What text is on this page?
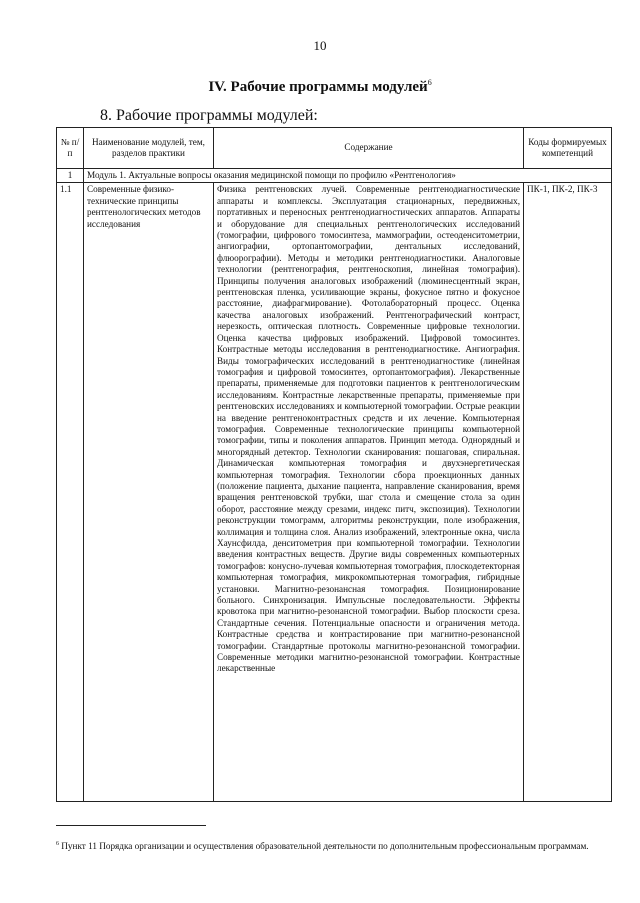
10
IV. Рабочие программы модулей$^6$
8. Рабочие программы модулей:
№ п/п	Наименование модулей, тем, разделов практики	Содержание	Коды формируемых компетенций
1	Модуль 1. Актуальные вопросы оказания медицинской помощи по профилю «Рентгенология»		
1.1	Современные физико-технические принципы рентгенологических методов исследования	Физика рентгеновских лучей. Современные рентгенодиагностические аппараты и комплексы. Эксплуатация стационарных, передвижных, портативных и переносных рентгенодиагностических аппаратов. Аппараты и оборудование для специальных рентгенологических исследований (томографии, цифрового томосинтеза, маммографии, остеоденситометрии, ангиографии, ортопантомографии, дентальных исследований, флюорографии). Методы и методики рентгенодиагностики. Аналоговые технологии (рентгенография, рентгеноскопия, линейная томография). Принципы получения аналоговых изображений (люминесцентный экран, рентгеновская пленка, усиливающие экраны, фокусное пятно и фокусное расстояние, диафрагмирование). Фотолабораторный процесс. Оценка качества аналоговых изображений. Рентгенографический контраст, нерезкость, оптическая плотность. Современные цифровые технологии. Оценка качества цифровых изображений. Цифровой томосинтез. Контрастные методы исследования в рентгенодиагностике. Ангиография. Виды томографических исследований в рентгенодиагностике (линейная томография и цифровой томосинтез, ортопантомография). Лекарственные препараты, применяемые для подготовки пациентов к рентгенологическим исследованиям. Контрастные лекарственные препараты, применяемые при рентгеновских исследованиях и компьютерной томографии. Острые реакции на введение рентгеноконтрастных средств и их лечение. Компьютерная томография. Современные технологические принципы компьютерной томографии, типы и поколения аппаратов. Принцип метода. Однорядный и многорядный детектор. Технологии сканирования: пошаговая, спиральная. Динамическая компьютерная томография и двухэнергетическая компьютерная томография. Технологии сбора проекционных данных (положение пациента, дыхание пациента, направление сканирования, время вращения рентгеновской трубки, шаг стола и смещение стола за один оборот, расстояние между срезами, индекс питч, экспозиция). Технологии реконструкции томограмм, алгоритмы реконструкции, поле изображения, коллимация и толщина слоя. Анализ изображений, электронные окна, числа Хаунсфилда, денситометрия при компьютерной томографии. Технологии введения контрастных веществ. Другие виды современных компьютерных томографов: конусно-лучевая компьютерная томография, плоскодетекторная компьютерная томография, микрокомпьютерная томография, гибридные установки. Магнитно-резонансная томография. Позиционирование больного. Синхронизация. Импульсные последовательности. Эффекты кровотока при магнитно-резонансной томографии. Выбор плоскости среза. Стандартные сечения. Потенциальные опасности и ограничения метода. Контрастные средства и контрастирование при магнитно-резонансной томографии. Стандартные протоколы магнитно-резонансной томографии. Современные методики магнитно-резонансной томографии. Контрастные лекарственные	ПК-1, ПК-2, ПК-3
$^6$ Пункт 11 Порядка организации и осуществления образовательной деятельности по дополнительным профессиональным программам.
